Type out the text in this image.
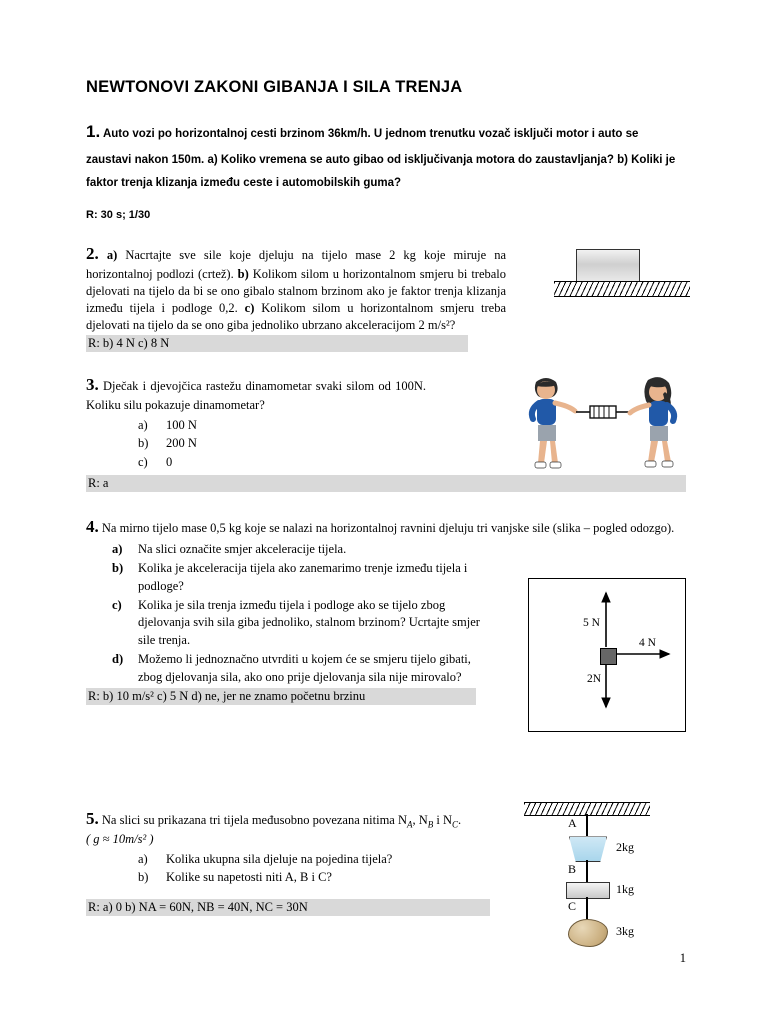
NEWTONOVI ZAKONI GIBANJA I SILA TRENJA
1. Auto vozi po horizontalnoj cesti brzinom 36km/h. U jednom trenutku vozač isključi motor i auto se zaustavi nakon 150m. a) Koliko vremena se auto gibao od isključivanja motora do zaustavljanja? b) Koliki je faktor trenja klizanja između ceste i automobilskih guma?
R: 30 s; 1/30
2. a) Nacrtajte sve sile koje djeluju na tijelo mase 2 kg koje miruje na horizontalnoj podlozi (crtež). b) Kolikom silom u horizontalnom smjeru bi trebalo djelovati na tijelo da bi se ono gibalo stalnom brzinom ako je faktor trenja klizanja između tijela i podloge 0,2. c) Kolikom silom u horizontalnom smjeru treba djelovati na tijelo da se ono giba jednoliko ubrzano akceleracijom 2 m/s²?
R: b) 4 N c) 8 N
3. Dječak i djevojčica rastežu dinamometar svaki silom od 100N. Koliku silu pokazuje dinamometar?
a) 100 N
b) 200 N
c) 0
R: a
5 N
4 N
2N
4. Na mirno tijelo mase 0,5 kg koje se nalazi na horizontalnoj ravnini djeluju tri vanjske sile (slika – pogled odozgo).
a) Na slici označite smjer akceleracije tijela.
b) Kolika je akceleracija tijela ako zanemarimo trenje između tijela i podloge?
c) Kolika je sila trenja između tijela i podloge ako se tijelo zbog djelovanja svih sila giba jednoliko, stalnom brzinom? Ucrtajte smjer sile trenja.
d) Možemo li jednoznačno utvrditi u kojem će se smjeru tijelo gibati, zbog djelovanja sila, ako ono prije djelovanja sila nije mirovalo?
R: b) 10 m/s² c) 5 N d) ne, jer ne znamo početnu brzinu
A
2kg
B
1kg
C
3kg
5. Na slici su prikazana tri tijela međusobno povezana nitima $N_A$, $N_B$ i $N_C$.
( g ≈ 10m/s² )
a) Kolika ukupna sila djeluje na pojedina tijela?
b) Kolike su napetosti niti A, B i C?
R: a) 0 b) NA = 60N, NB = 40N, NC = 30N
1
